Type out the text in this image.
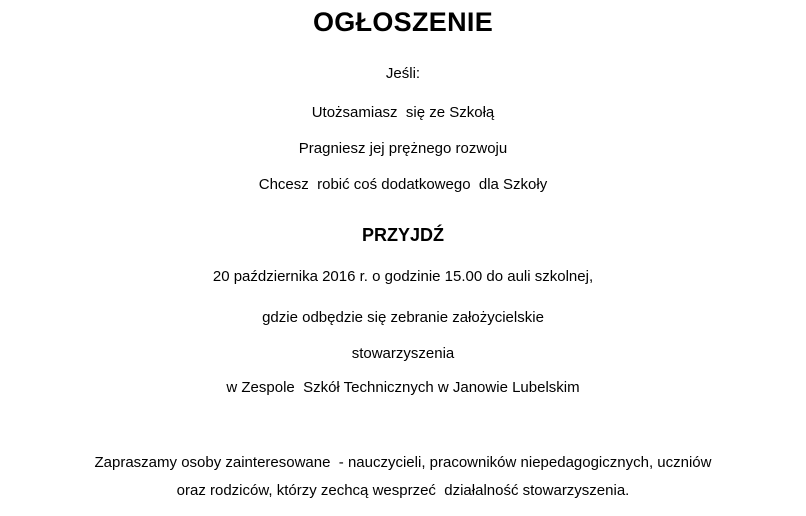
OGŁOSZENIE
Jeśli:
Utożsamiasz  się ze Szkołą
Pragniesz jej prężnego rozwoju
Chcesz  robić coś dodatkowego  dla Szkoły
PRZYJDŹ
20 października 2016 r. o godzinie 15.00 do auli szkolnej,
gdzie odbędzie się zebranie założycielskie
stowarzyszenia
w Zespole  Szkół Technicznych w Janowie Lubelskim
Zapraszamy osoby zainteresowane  - nauczycieli, pracowników niepedagogicznych, uczniów
oraz rodziców, którzy zechcą wesprzeć  działalność stowarzyszenia.
